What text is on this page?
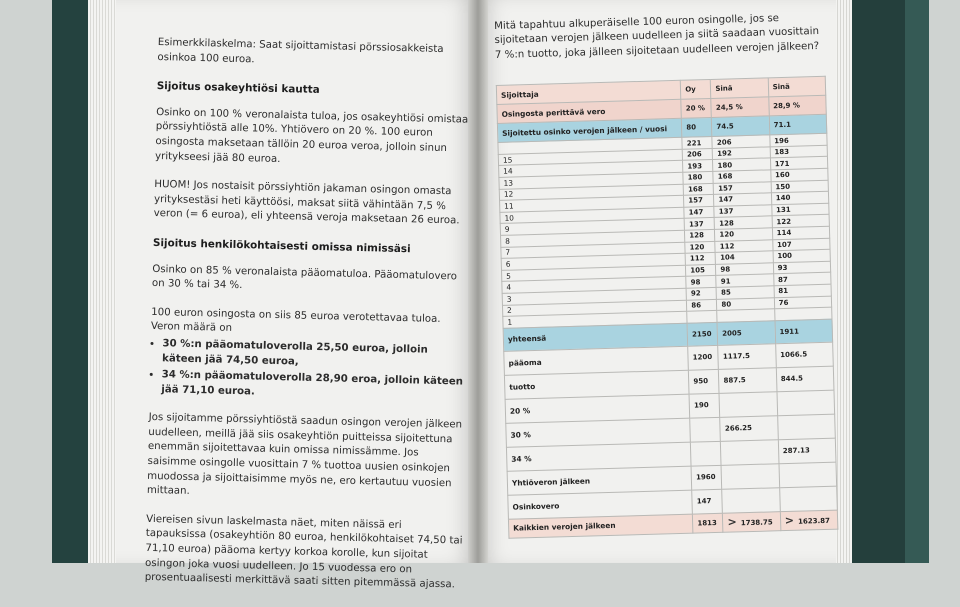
Esimerkkilaskelma: Saat sijoittamistasi pörssiosakkeista osinkoa 100 euroa.

Sijoitus osakeyhtiösi kautta

Osinko on 100 % veronalaista tuloa, jos osakeyhtiösi omistaa pörssiyhtiöstä alle 10%. Yhtiövero on 20 %. 100 euron osingosta maksetaan tällöin 20 euroa veroa, jolloin sinun yritykseesi jää 80 euroa.

HUOM! Jos nostaisit pörssiyhtiön jakaman osingon omasta yrityksestäsi heti käyttöösi, maksat siitä vähintään 7,5 % veron (= 6 euroa), eli yhteensä veroja maksetaan 26 euroa.

Sijoitus henkilökohtaisesti omissa nimissäsi

Osinko on 85 % veronalaista pääomatuloa. Pääomatulovero on 30 % tai 34 %.

100 euron osingosta on siis 85 euroa verotettavaa tuloa. Veron määrä on

• 30 %:n pääomatuloverolla 25,50 euroa, jolloin käteen jää 74,50 euroa,
• 34 %:n pääomatuloverolla 28,90 eroa, jolloin käteen jää 71,10 euroa.

Jos sijoitamme pörssiyhtiöstä saadun osingon verojen jälkeen uudelleen, meillä jää siis osakeyhtiön puitteissa sijoitettuna enemmän sijoitettavaa kuin omissa nimissämme. Jos saisimme osingolle vuosittain 7 % tuottoa uusien osinkojen muodossa ja sijoittaisimme myös ne, ero kertautuu vuosien mittaan.

Viereisen sivun laskelmasta näet, miten näissä eri tapauksissa (osakeyhtiön 80 euroa, henkilökohtaiset 74,50 tai 71,10 euroa) pääoma kertyy korkoa korolle, kun sijoitat osingon joka vuosi uudelleen. Jo 15 vuodessa ero on prosentuaalisesti merkittävä saati sitten pitemmässä ajassa.

Mitä tapahtuu alkuperäiselle 100 euron osingolle, jos se sijoitetaan verojen jälkeen uudelleen ja siitä saadaan vuosittain 7 %:n tuotto, joka jälleen sijoitetaan uudelleen verojen jälkeen?

Sijoittaja	Oy	Sinä	Sinä
Osingosta perittävä vero	20 %	24,5 %	28,9 %
Sijoitettu osinko verojen jälkeen / vuosi	80	74.5	71.1
	221	206	196
15	206	192	183
14	193	180	171
13	180	168	160
12	168	157	150
11	157	147	140
10	147	137	131
9	137	128	122
8	128	120	114
7	120	112	107
6	112	104	100
5	105	98	93
4	98	91	87
3	92	85	81
2	86	80	76
1			
yhteensä	2150	2005	1911
pääoma	1200	1117.5	1066.5
tuotto	950	887.5	844.5
20 %	190		
30 %		266.25	
34 %			287.13
Yhtiöveron jälkeen	1960		
Osinkovero	147		
Kaikkien verojen jälkeen	1813	> 1738.75	> 1623.87
